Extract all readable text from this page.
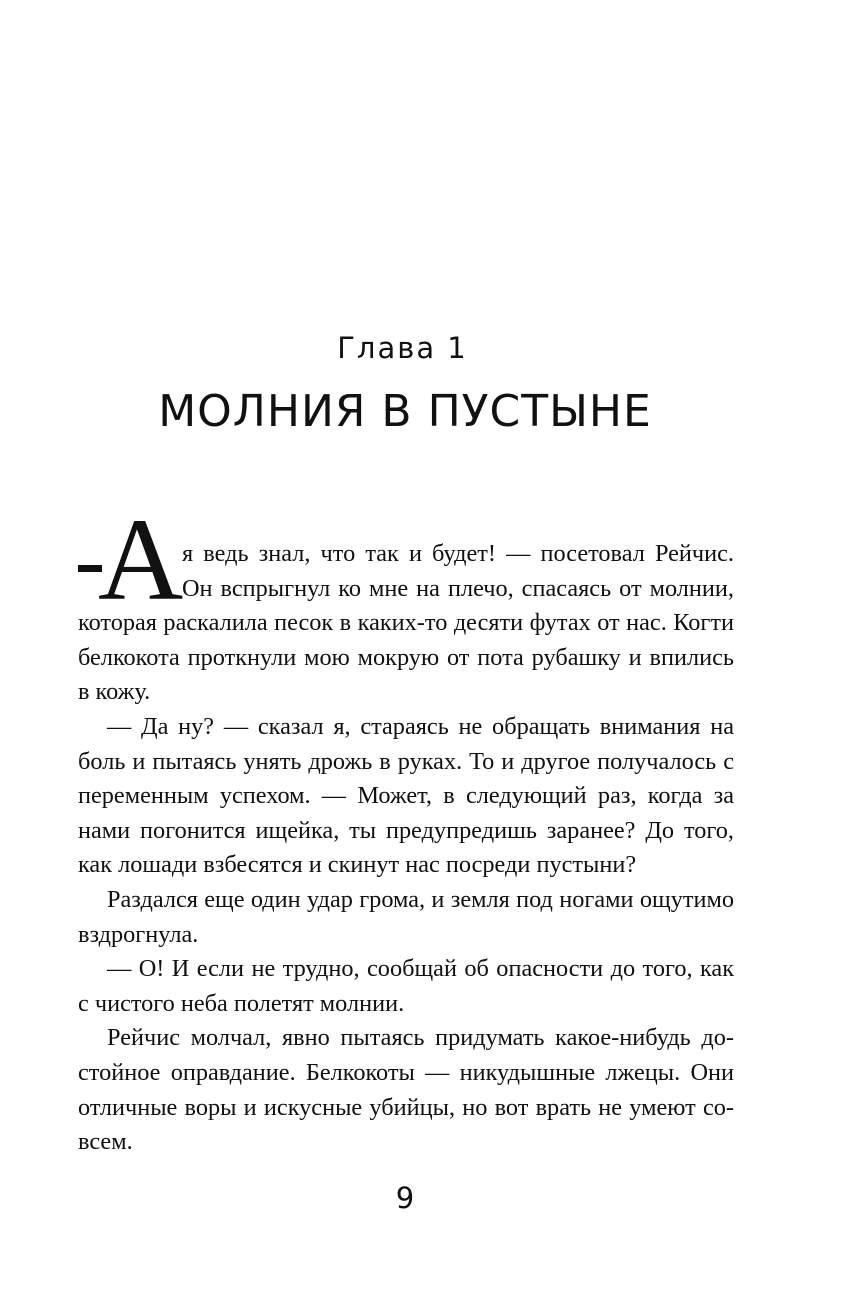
Глава 1
МОЛНИЯ В ПУСТЫНЕ

А
я ведь знал, что так и будет! — посетовал Рейчис. Он вспрыгнул ко мне на плечо, спасаясь от молнии, которая раскалила песок в каких-то десяти футах от нас. Когти белкокота проткнули мою мокрую от пота рубашку и впились в кожу.

— Да ну? — сказал я, стараясь не обращать внимания на боль и пытаясь унять дрожь в руках. То и другое получалось с переменным успехом. — Может, в следующий раз, когда за нами погонится ищейка, ты предупредишь заранее? До того, как лошади взбесятся и скинут нас посреди пустыни?

Раздался еще один удар грома, и земля под ногами ощутимо вздрогнула.

— О! И если не трудно, сообщай об опасности до того, как с чистого неба полетят молнии.

Рейчис молчал, явно пытаясь придумать какое-нибудь достойное оправдание. Белкокоты — никудышные лжецы. Они отличные воры и искусные убийцы, но вот врать не умеют совсем.

9
